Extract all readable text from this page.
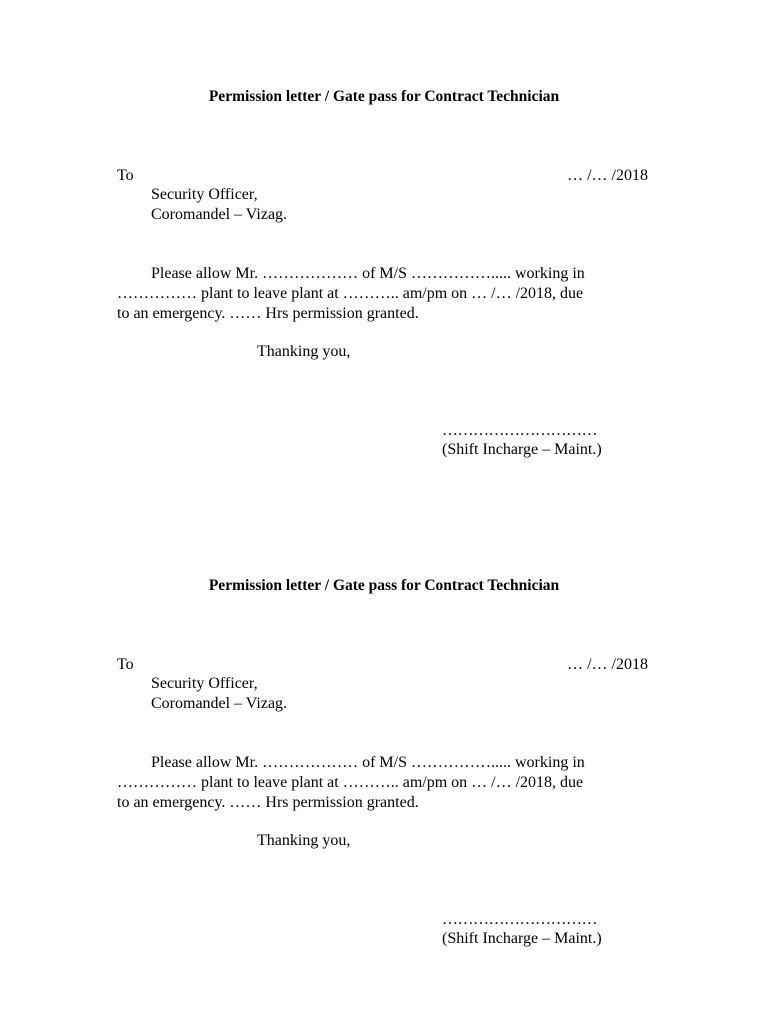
Permission letter / Gate pass for Contract Technician
To	… /… /2018
Security Officer,
Coromandel – Vizag.
Please allow Mr. ……………… of M/S ……………..... working in
…………… plant to leave plant at ……….. am/pm on … /… /2018, due
to an emergency. …… Hrs permission granted.
Thanking you,
…………………………
(Shift Incharge – Maint.)
Permission letter / Gate pass for Contract Technician
To	… /… /2018
Security Officer,
Coromandel – Vizag.
Please allow Mr. ……………… of M/S ……………..... working in
…………… plant to leave plant at ……….. am/pm on … /… /2018, due
to an emergency. …… Hrs permission granted.
Thanking you,
…………………………
(Shift Incharge – Maint.)
